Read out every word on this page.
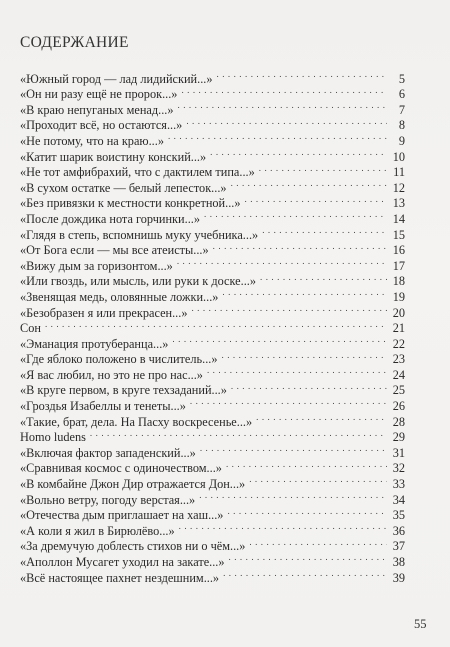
СОДЕРЖАНИЕ
«Южный город — лад лидийский...» . . .	5
«Он ни разу ещё не пророк...» . . .	6
«В краю непуганых менад...» . . .	7
«Проходит всё, но остаются...» . . .	8
«Не потому, что на краю...» . . .	9
«Катит шарик воистину конский...» . . .	10
«Не тот амфибрахий, что с дактилем типа...» . . .	11
«В сухом остатке — белый лепесток...» . . .	12
«Без привязки к местности конкретной...» . . .	13
«После дождика нота горчинки...» . . .	14
«Глядя в степь, вспомнишь муку учебника...» . . .	15
«От Бога если — мы все атеисты...» . . .	16
«Вижу дым за горизонтом...» . . .	17
«Или гвоздь, или мысль, или руки к доске...» . . .	18
«Звенящая медь, оловянные ложки...» . . .	19
«Безобразен я или прекрасен...» . . .	20
Сон . . .	21
«Эманация протуберанца...» . . .	22
«Где яблоко положено в числитель...» . . .	23
«Я вас любил, но это не про нас...» . . .	24
«В круге первом, в круге техзаданий...» . . .	25
«Гроздья Изабеллы и тенеты...» . . .	26
«Такие, брат, дела. На Пасху воскресенье...» . . .	28
Homo ludens . . .	29
«Включая фактор западенский...» . . .	31
«Сравнивая космос с одиночеством...» . . .	32
«В комбайне Джон Дир отражается Дон...» . . .	33
«Вольно ветру, погоду верстая...» . . .	34
«Отечества дым приглашает на хаш...» . . .	35
«А коли я жил в Бирюлёво...» . . .	36
«За дремучую доблесть стихов ни о чём...» . . .	37
«Аполлон Мусагет уходил на закате...» . . .	38
«Всё настоящее пахнет нездешним...» . . .	39
55
